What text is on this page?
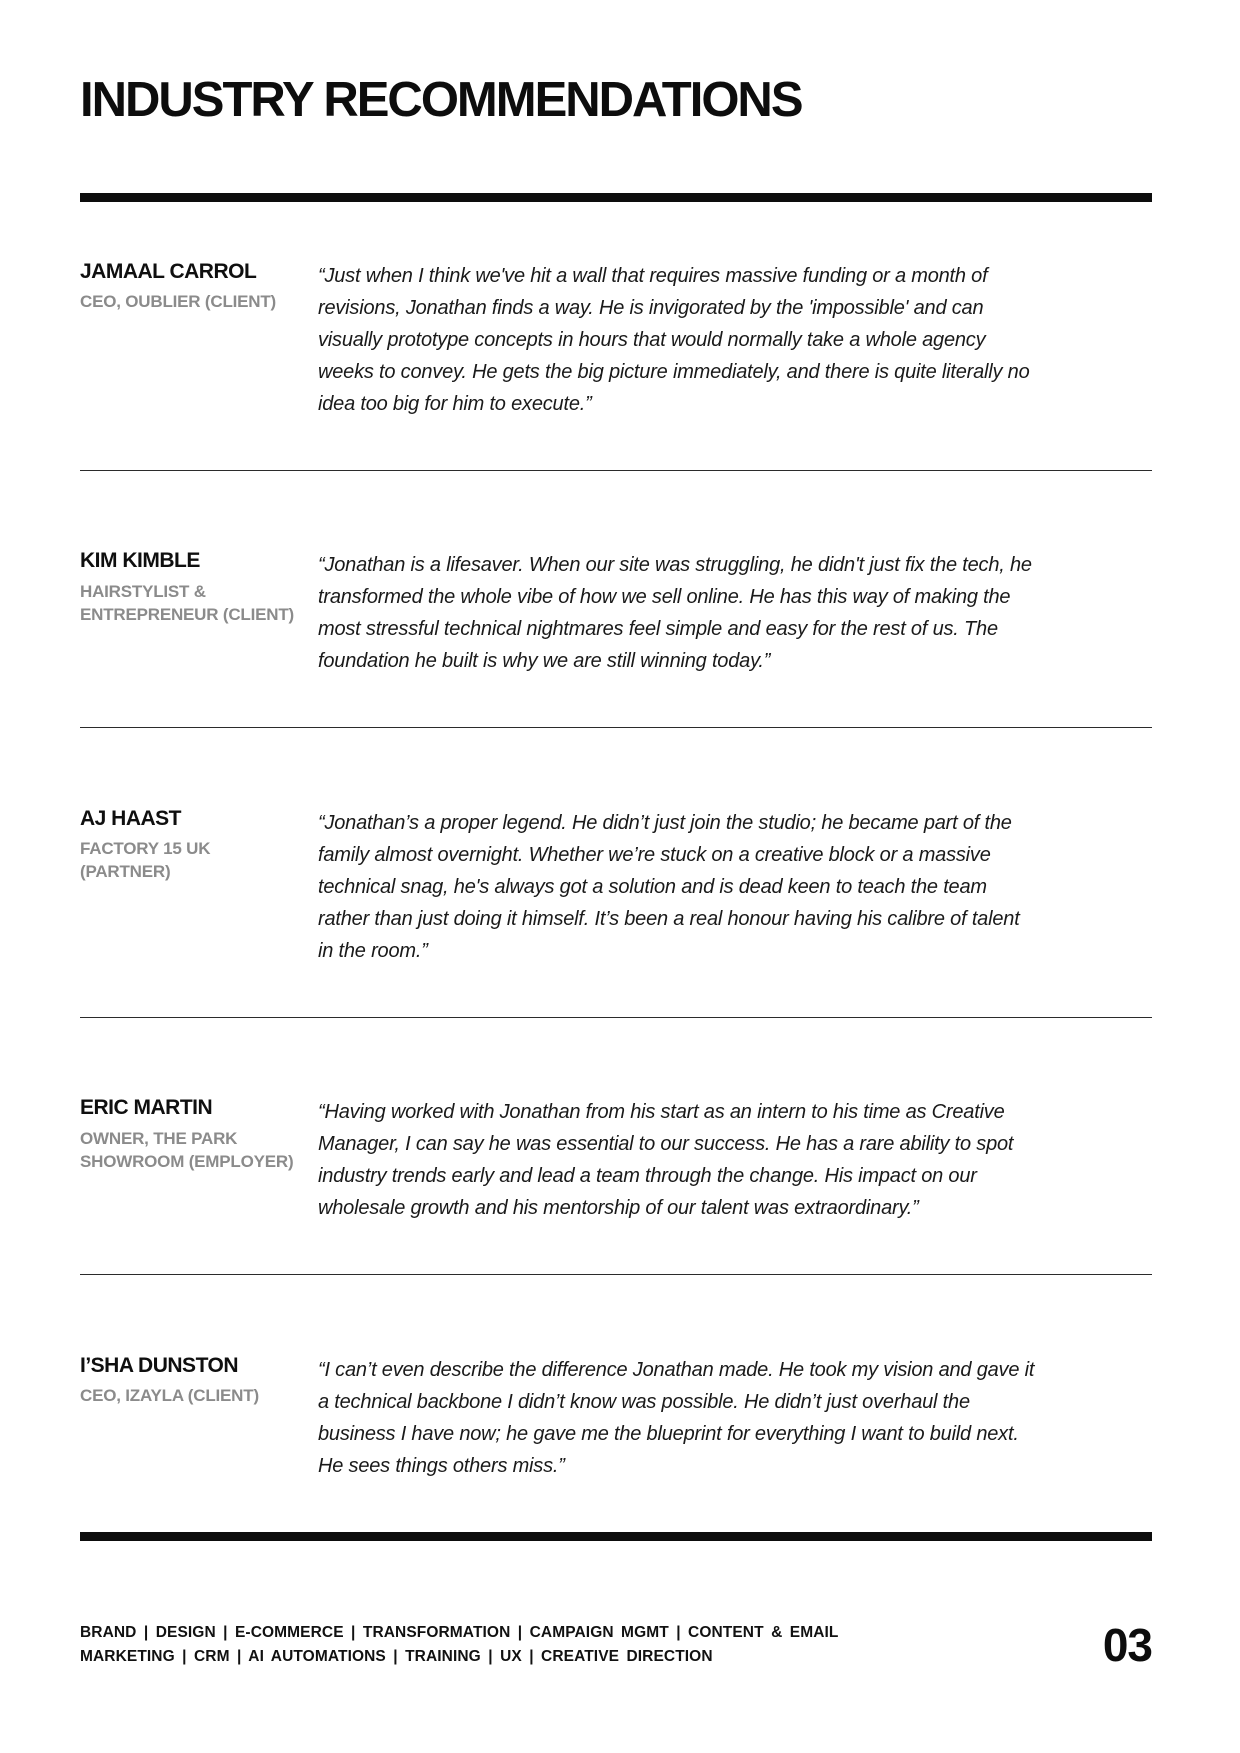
INDUSTRY RECOMMENDATIONS
JAMAAL CARROL
CEO, OUBLIER (CLIENT)
“Just when I think we've hit a wall that requires massive funding or a month of revisions, Jonathan finds a way. He is invigorated by the 'impossible' and can visually prototype concepts in hours that would normally take a whole agency weeks to convey. He gets the big picture immediately, and there is quite literally no idea too big for him to execute.”
KIM KIMBLE
HAIRSTYLIST & ENTREPRENEUR (CLIENT)
“Jonathan is a lifesaver. When our site was struggling, he didn't just fix the tech, he transformed the whole vibe of how we sell online. He has this way of making the most stressful technical nightmares feel simple and easy for the rest of us. The foundation he built is why we are still winning today.”
AJ HAAST
FACTORY 15 UK (PARTNER)
“Jonathan’s a proper legend. He didn’t just join the studio; he became part of the family almost overnight. Whether we’re stuck on a creative block or a massive technical snag, he's always got a solution and is dead keen to teach the team rather than just doing it himself. It’s been a real honour having his calibre of talent in the room.”
ERIC MARTIN
OWNER, THE PARK SHOWROOM (EMPLOYER)
“Having worked with Jonathan from his start as an intern to his time as Creative Manager, I can say he was essential to our success. He has a rare ability to spot industry trends early and lead a team through the change. His impact on our wholesale growth and his mentorship of our talent was extraordinary.”
I’SHA DUNSTON
CEO, IZAYLA (CLIENT)
“I can’t even describe the difference Jonathan made. He took my vision and gave it a technical backbone I didn’t know was possible. He didn’t just overhaul the business I have now; he gave me the blueprint for everything I want to build next. He sees things others miss.”
BRAND | DESIGN | E-COMMERCE | TRANSFORMATION | CAMPAIGN MGMT | CONTENT & EMAIL MARKETING | CRM | AI AUTOMATIONS | TRAINING | UX | CREATIVE DIRECTION	03
